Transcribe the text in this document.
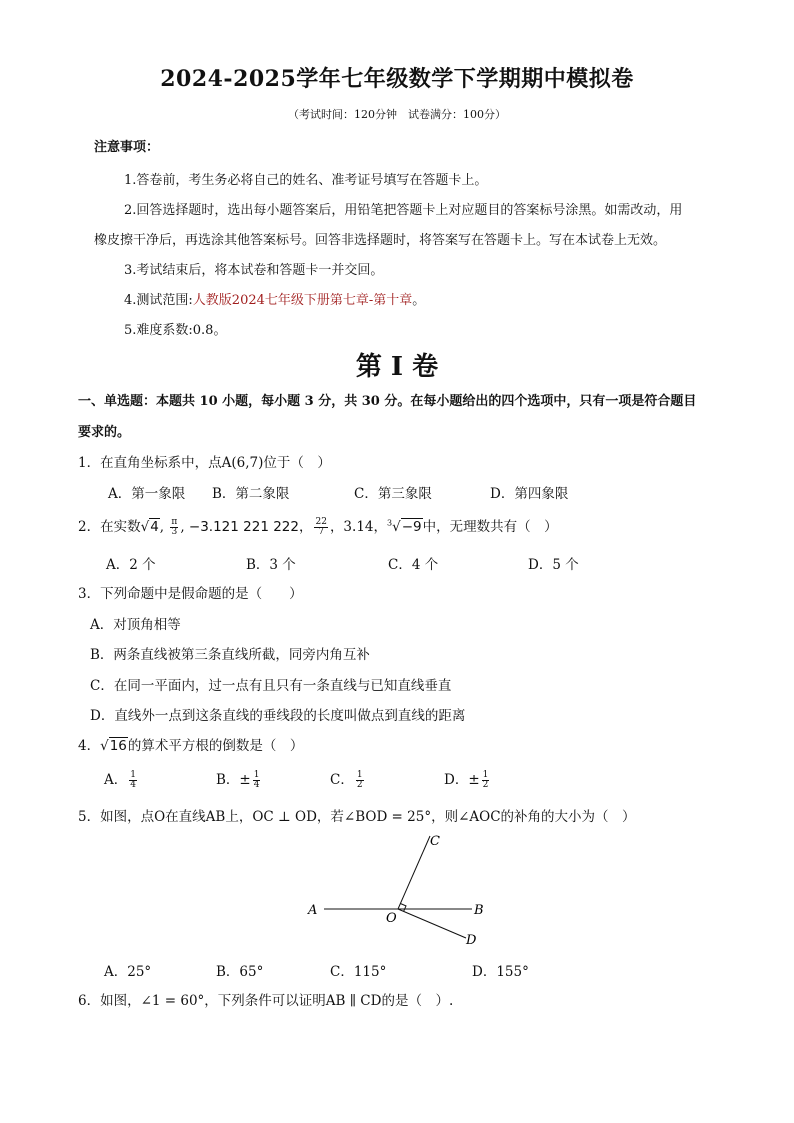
2024-2025学年七年级数学下学期期中模拟卷
（考试时间：120分钟　试卷满分：100分）
注意事项：
1.答卷前，考生务必将自己的姓名、准考证号填写在答题卡上。
2.回答选择题时，选出每小题答案后，用铅笔把答题卡上对应题目的答案标号涂黑。如需改动，用
橡皮擦干净后，再选涂其他答案标号。回答非选择题时，将答案写在答题卡上。写在本试卷上无效。
3.考试结束后，将本试卷和答题卡一并交回。
4.测试范围:人教版2024七年级下册第七章-第十章。
5.难度系数:0.8。
第 I 卷
一、单选题：本题共 10 小题，每小题 3 分，共 30 分。在每小题给出的四个选项中，只有一项是符合题目
要求的。
1．在直角坐标系中，点A(6,7)位于（　）
A．第一象限 B．第二象限	C．第三象限	D．第四象限
2．在实数√4, $\frac{\pi}{3}$ , −3.121 221 222， $\frac{22}{7}$ ，3.14，$^3$√−9中，无理数共有（　）
A．2 个	B．3 个	C．4 个	D．5 个
3．下列命题中是假命题的是（　　）
A．对顶角相等
B．两条直线被第三条直线所截，同旁内角互补
C．在同一平面内，过一点有且只有一条直线与已知直线垂直
D．直线外一点到这条直线的垂线段的长度叫做点到直线的距离
4．√16的算术平方根的倒数是（　）
A． $\frac{1}{4}$	B．± $\frac{1}{4}$	C． $\frac{1}{2}$	D．± $\frac{1}{2}$
5．如图，点O在直线AB上，OC ⊥ OD，若∠BOD = 25°，则∠AOC的补角的大小为（　）
A	B
C
D
O
A．25°	B．65°	C．115°	D．155°
6．如图，∠1 = 60°，下列条件可以证明AB ∥ CD的是（　）.
